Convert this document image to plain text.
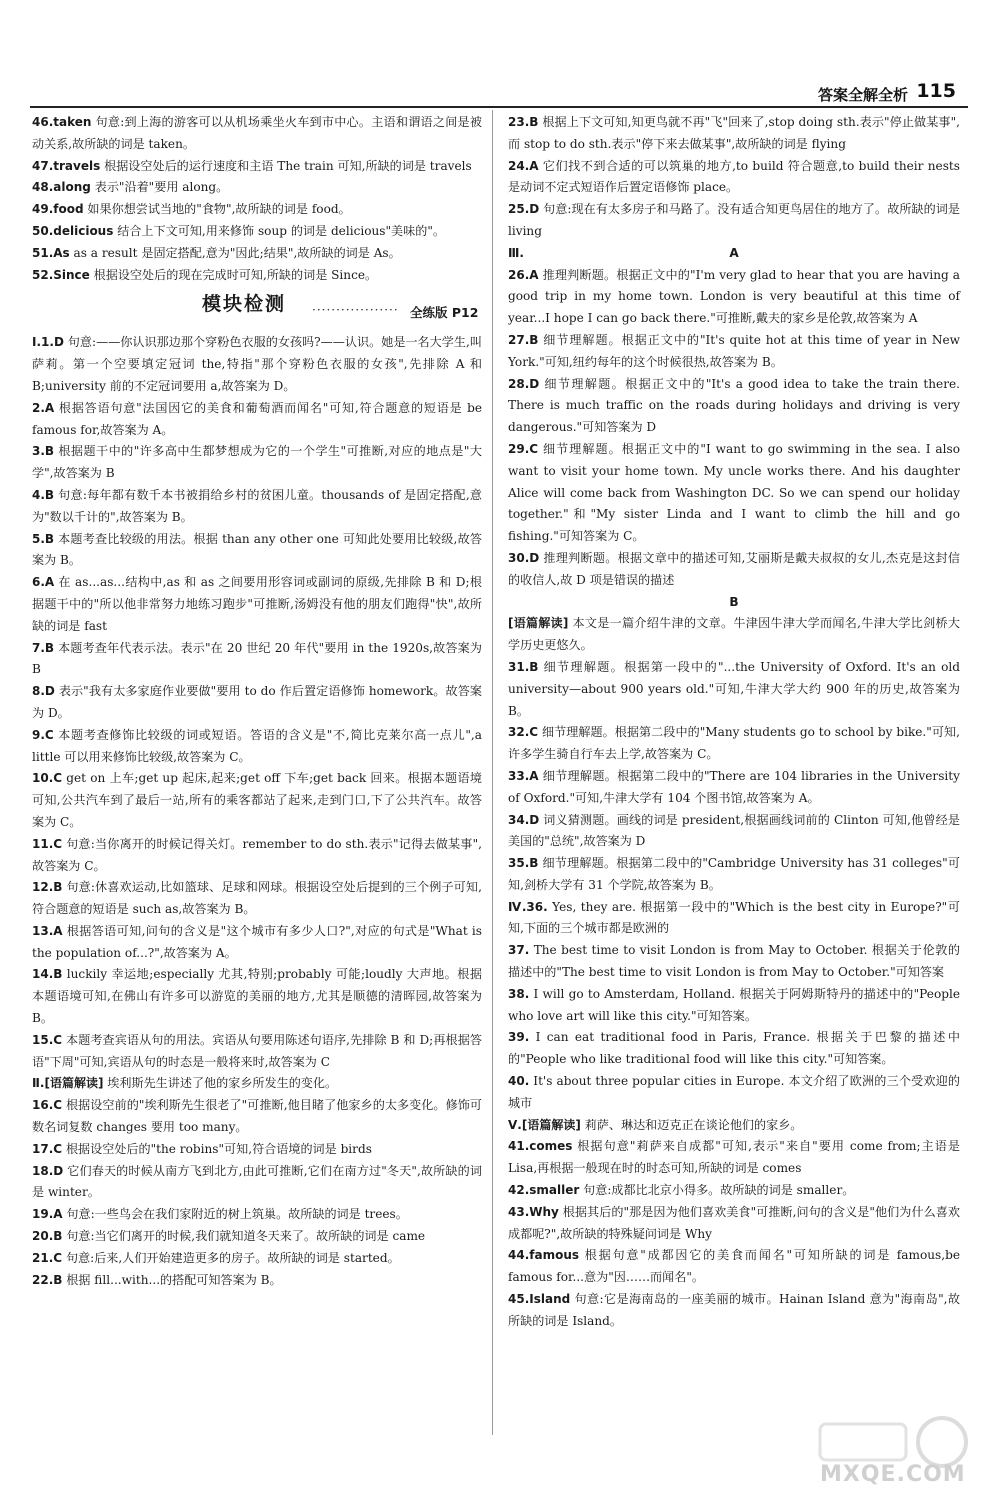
答案全解全析 115
46.taken 句意:到上海的游客可以从机场乘坐火车到市中心。主语和谓语之间是被动关系,故所缺的词是 taken。
47.travels 根据设空处后的运行速度和主语 The train 可知,所缺的词是 travels
48.along 表示"沿着"要用 along。
49.food 如果你想尝试当地的"食物",故所缺的词是 food。
50.delicious 结合上下文可知,用来修饰 soup 的词是 delicious"美味的"。
51.As as a result 是固定搭配,意为"因此;结果",故所缺的词是 As。
52.Since 根据设空处后的现在完成时可知,所缺的词是 Since。
模块检测 ·················· 全练版 P12
Ⅰ.1.D 句意:——你认识那边那个穿粉色衣服的女孩吗?——认识。她是一名大学生,叫萨莉。第一个空要填定冠词 the,特指"那个穿粉色衣服的女孩",先排除 A 和 B;university 前的不定冠词要用 a,故答案为 D。
2.A 根据答语句意"法国因它的美食和葡萄酒而闻名"可知,符合题意的短语是 be famous for,故答案为 A。
3.B 根据题干中的"许多高中生都梦想成为它的一个学生"可推断,对应的地点是"大学",故答案为 B
4.B 句意:每年都有数千本书被捐给乡村的贫困儿童。thousands of 是固定搭配,意为"数以千计的",故答案为 B。
5.B 本题考查比较级的用法。根据 than any other one 可知此处要用比较级,故答案为 B。
6.A 在 as...as...结构中,as 和 as 之间要用形容词或副词的原级,先排除 B 和 D;根据题干中的"所以他非常努力地练习跑步"可推断,汤姆没有他的朋友们跑得"快",故所缺的词是 fast
7.B 本题考查年代表示法。表示"在 20 世纪 20 年代"要用 in the 1920s,故答案为 B
8.D 表示"我有太多家庭作业要做"要用 to do 作后置定语修饰 homework。故答案为 D。
9.C 本题考查修饰比较级的词或短语。答语的含义是"不,简比克莱尔高一点儿",a little 可以用来修饰比较级,故答案为 C。
10.C get on 上车;get up 起床,起来;get off 下车;get back 回来。根据本题语境可知,公共汽车到了最后一站,所有的乘客都站了起来,走到门口,下了公共汽车。故答案为 C。
11.C 句意:当你离开的时候记得关灯。remember to do sth.表示"记得去做某事",故答案为 C。
12.B 句意:休喜欢运动,比如篮球、足球和网球。根据设空处后提到的三个例子可知,符合题意的短语是 such as,故答案为 B。
13.A 根据答语可知,问句的含义是"这个城市有多少人口?",对应的句式是"What is the population of...?",故答案为 A。
14.B luckily 幸运地;especially 尤其,特别;probably 可能;loudly 大声地。根据本题语境可知,在佛山有许多可以游览的美丽的地方,尤其是顺德的清晖园,故答案为 B。
15.C 本题考查宾语从句的用法。宾语从句要用陈述句语序,先排除 B 和 D;再根据答语"下周"可知,宾语从句的时态是一般将来时,故答案为 C
Ⅱ.[语篇解读] 埃利斯先生讲述了他的家乡所发生的变化。
16.C 根据设空前的"埃利斯先生很老了"可推断,他目睹了他家乡的太多变化。修饰可数名词复数 changes 要用 too many。
17.C 根据设空处后的"the robins"可知,符合语境的词是 birds
18.D 它们春天的时候从南方飞到北方,由此可推断,它们在南方过"冬天",故所缺的词是 winter。
19.A 句意:一些鸟会在我们家附近的树上筑巢。故所缺的词是 trees。
20.B 句意:当它们离开的时候,我们就知道冬天来了。故所缺的词是 came
21.C 句意:后来,人们开始建造更多的房子。故所缺的词是 started。
22.B 根据 fill...with...的搭配可知答案为 B。
23.B 根据上下文可知,知更鸟就不再"飞"回来了,stop doing sth.表示"停止做某事",而 stop to do sth.表示"停下来去做某事",故所缺的词是 flying
24.A 它们找不到合适的可以筑巢的地方,to build 符合题意,to build their nests 是动词不定式短语作后置定语修饰 place。
25.D 句意:现在有太多房子和马路了。没有适合知更鸟居住的地方了。故所缺的词是 living
Ⅲ.	A
26.A 推理判断题。根据正文中的"I'm very glad to hear that you are having a good trip in my home town. London is very beautiful at this time of year...I hope I can go back there."可推断,戴夫的家乡是伦敦,故答案为 A
27.B 细节理解题。根据正文中的"It's quite hot at this time of year in New York."可知,纽约每年的这个时候很热,故答案为 B。
28.D 细节理解题。根据正文中的"It's a good idea to take the train there. There is much traffic on the roads during holidays and driving is very dangerous."可知答案为 D
29.C 细节理解题。根据正文中的"I want to go swimming in the sea. I also want to visit your home town. My uncle works there. And his daughter Alice will come back from Washington DC. So we can spend our holiday together."和"My sister Linda and I want to climb the hill and go fishing."可知答案为 C。
30.D 推理判断题。根据文章中的描述可知,艾丽斯是戴夫叔叔的女儿,杰克是这封信的收信人,故 D 项是错误的描述
B
[语篇解读] 本文是一篇介绍牛津的文章。牛津因牛津大学而闻名,牛津大学比剑桥大学历史更悠久。
31.B 细节理解题。根据第一段中的"...the University of Oxford. It's an old university—about 900 years old."可知,牛津大学大约 900 年的历史,故答案为 B。
32.C 细节理解题。根据第二段中的"Many students go to school by bike."可知,许多学生骑自行车去上学,故答案为 C。
33.A 细节理解题。根据第二段中的"There are 104 libraries in the University of Oxford."可知,牛津大学有 104 个图书馆,故答案为 A。
34.D 词义猜测题。画线的词是 president,根据画线词前的 Clinton 可知,他曾经是美国的"总统",故答案为 D
35.B 细节理解题。根据第二段中的"Cambridge University has 31 colleges"可知,剑桥大学有 31 个学院,故答案为 B。
Ⅳ.36. Yes, they are. 根据第一段中的"Which is the best city in Europe?"可知,下面的三个城市都是欧洲的
37. The best time to visit London is from May to October. 根据关于伦敦的描述中的"The best time to visit London is from May to October."可知答案
38. I will go to Amsterdam, Holland. 根据关于阿姆斯特丹的描述中的"People who love art will like this city."可知答案。
39. I can eat traditional food in Paris, France. 根据关于巴黎的描述中的"People who like traditional food will like this city."可知答案。
40. It's about three popular cities in Europe. 本文介绍了欧洲的三个受欢迎的城市
Ⅴ.[语篇解读] 莉萨、琳达和迈克正在谈论他们的家乡。
41.comes 根据句意"莉萨来自成都"可知,表示"来自"要用 come from;主语是 Lisa,再根据一般现在时的时态可知,所缺的词是 comes
42.smaller 句意:成都比北京小得多。故所缺的词是 smaller。
43.Why 根据其后的"那是因为他们喜欢美食"可推断,问句的含义是"他们为什么喜欢成都呢?",故所缺的特殊疑问词是 Why
44.famous 根据句意"成都因它的美食而闻名"可知所缺的词是 famous,be famous for...意为"因……而闻名"。
45.Island 句意:它是海南岛的一座美丽的城市。Hainan Island 意为"海南岛",故所缺的词是 Island。
MXQE.COM
